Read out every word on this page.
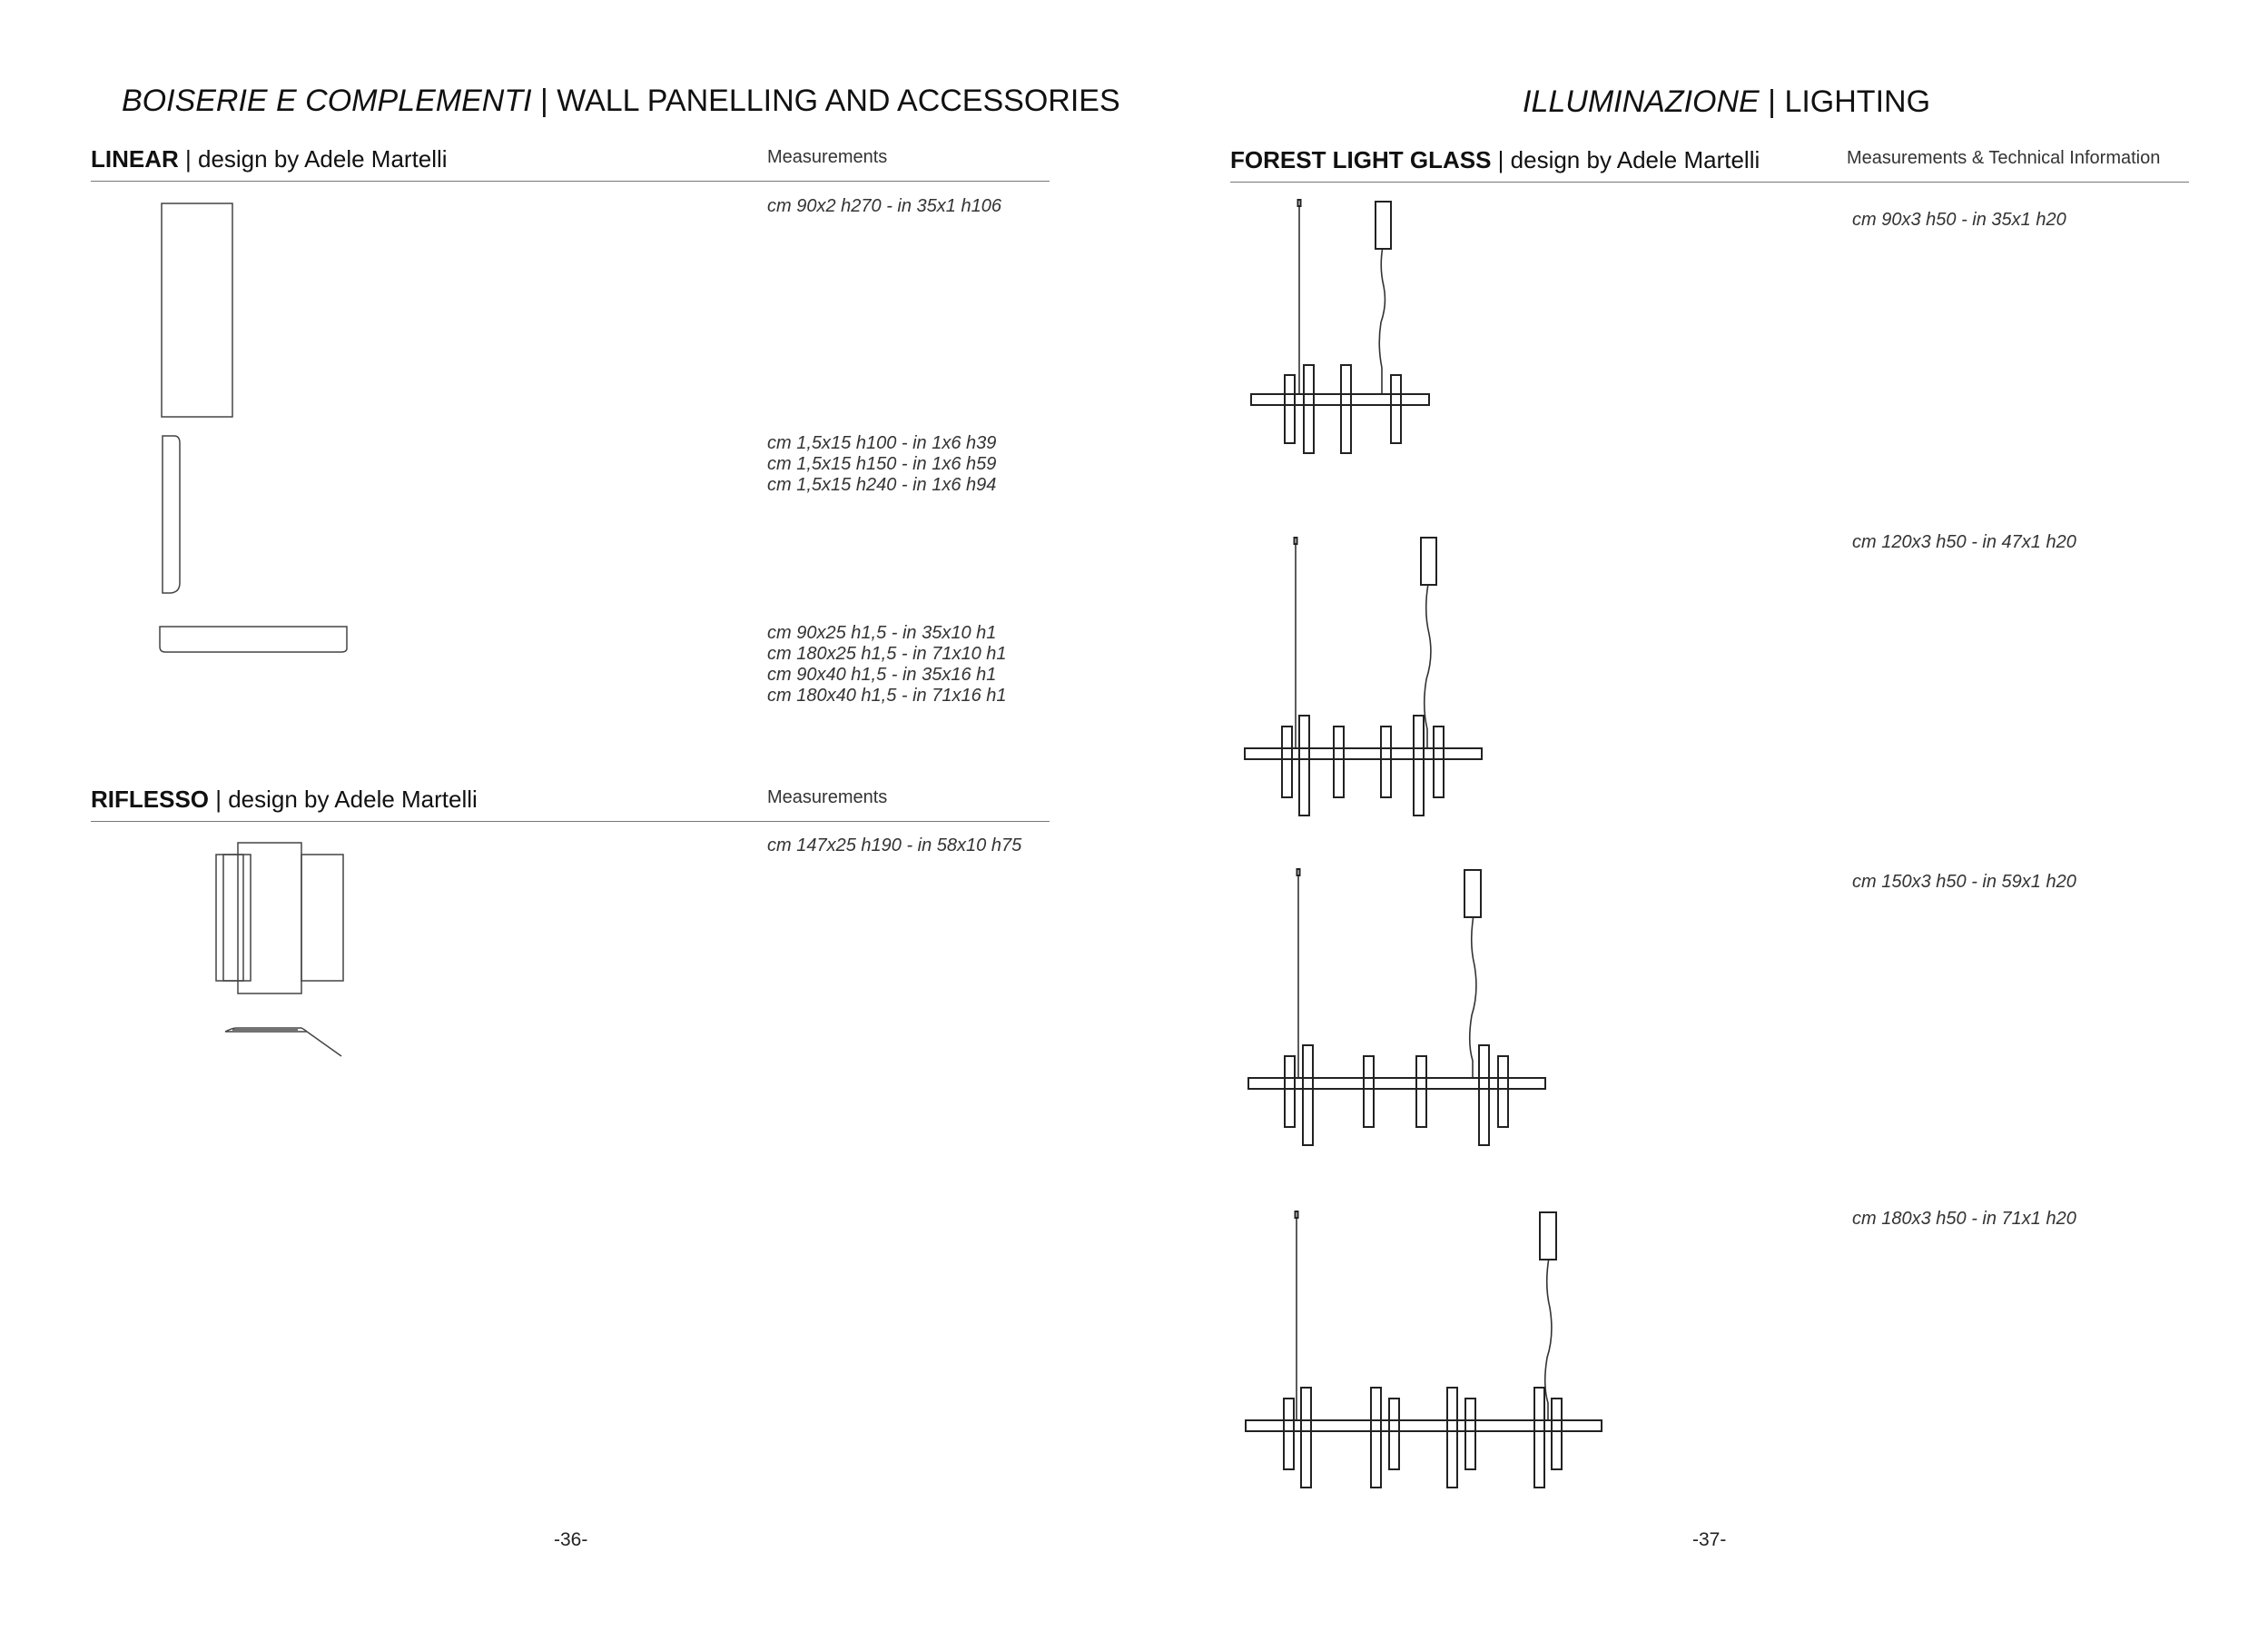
BOISERIE E COMPLEMENTI | WALL PANELLING AND ACCESSORIES
LINEAR | design by Adele Martelli	Measurements
cm 90x2 h270 - in 35x1 h106
cm 1,5x15 h100 - in 1x6 h39
cm 1,5x15 h150 - in 1x6 h59
cm 1,5x15 h240 - in 1x6 h94
cm 90x25 h1,5 - in 35x10 h1
cm 180x25 h1,5 - in 71x10 h1
cm 90x40 h1,5 - in 35x16 h1
cm 180x40 h1,5 - in 71x16 h1
RIFLESSO | design by Adele Martelli	Measurements
cm 147x25 h190 - in 58x10 h75
-36-
ILLUMINAZIONE | LIGHTING
FOREST LIGHT GLASS | design by Adele Martelli	Measurements & Technical Information
cm 90x3 h50 - in 35x1 h20
cm 120x3 h50 - in 47x1 h20
cm 150x3 h50 - in 59x1 h20
cm 180x3 h50 - in 71x1 h20
-37-
